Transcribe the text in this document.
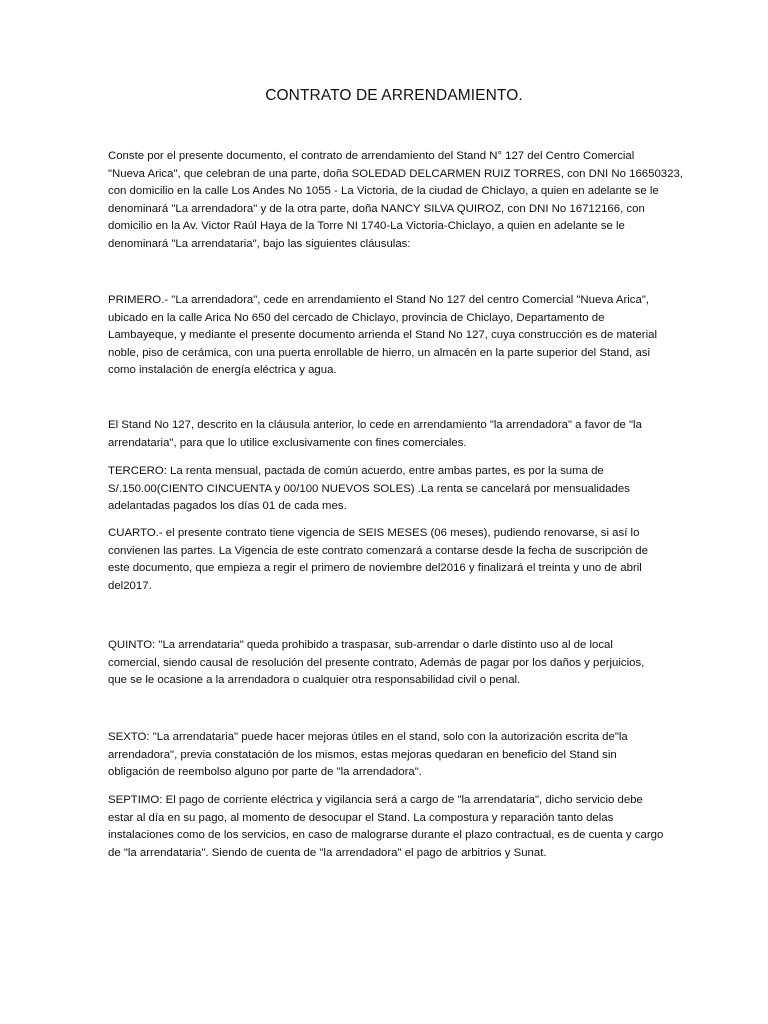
CONTRATO DE ARRENDAMIENTO.
Conste por el presente documento, el contrato de arrendamiento del Stand N° 127 del Centro Comercial
"Nueva Arica", que celebran de una parte, doña SOLEDAD DELCARMEN RUIZ TORRES, con DNI No 16650323,
con domicilio en la calle Los Andes No 1055 - La Victoria, de la ciudad de Chiclayo, a quien en adelante se le
denominará "La arrendadora" y de la otra parte, doña NANCY SILVA QUIROZ, con DNI No 16712166, con
domicilio en la Av. Victor Raúl Haya de la Torre NI 1740-La Victoria-Chiclayo, a quien en adelante se le
denominará "La arrendataria", bajo las siguientes cláusulas:
PRIMERO.- "La arrendadora", cede en arrendamiento el Stand No 127 del centro Comercial "Nueva Arica",
ubicado en la calle Arica No 650 del cercado de Chiclayo, provincia de Chiclayo, Departamento de
Lambayeque, y mediante el presente documento arrienda el Stand No 127, cuya construcción es de material
noble, piso de cerámica, con una puerta enrollable de hierro, un almacén en la parte superior del Stand, asi
como instalación de energía eléctrica y agua.
El Stand No 127, descrito en la cláusula anterior, lo cede en arrendamiento "la arrendadora" a favor de "la
arrendataria", para que lo utilice exclusivamente con fines comerciales.
TERCERO: La renta mensual, pactada de común acuerdo, entre ambas partes, es por la suma de
S/.150.00(CIENTO CINCUENTA y 00/100 NUEVOS SOLES) .La renta se cancelará por mensualidades
adelantadas pagados los días 01 de cada mes.
CUARTO.- el presente contrato tiene vigencia de SEIS MESES (06 meses), pudiendo renovarse, si así lo
convienen las partes. La Vigencia de este contrato comenzará a contarse desde la fecha de suscripción de
este documento, que empieza a regir el primero de noviembre del2016 y finalizará el treinta y uno de abril
del2017.
QUINTO: "La arrendataria" queda prohibido a traspasar, sub-arrendar o darle distinto uso al de local
comercial, siendo causal de resolución del presente contrato, Además de pagar por los daños y perjuicios,
que se le ocasione a la arrendadora o cualquier otra responsabilidad civil o penal.
SEXTO: "La arrendataria" puede hacer mejoras útiles en el stand, solo con la autorización escrita de"la
arrendadora", previa constatación de los mismos, estas mejoras quedaran en beneficio del Stand sin
obligación de reembolso alguno por parte de "la arrendadora".
SEPTIMO: El pago de corriente eléctrica y vigilancia será a cargo de "la arrendataria", dicho servicio debe
estar al día en su pago, al momento de desocupar el Stand. La compostura y reparación tanto delas
instalaciones como de los servicios, en caso de malograrse durante el plazo contractual, es de cuenta y cargo
de "la arrendataria". Siendo de cuenta de "la arrendadora" el pago de arbitrios y Sunat.
